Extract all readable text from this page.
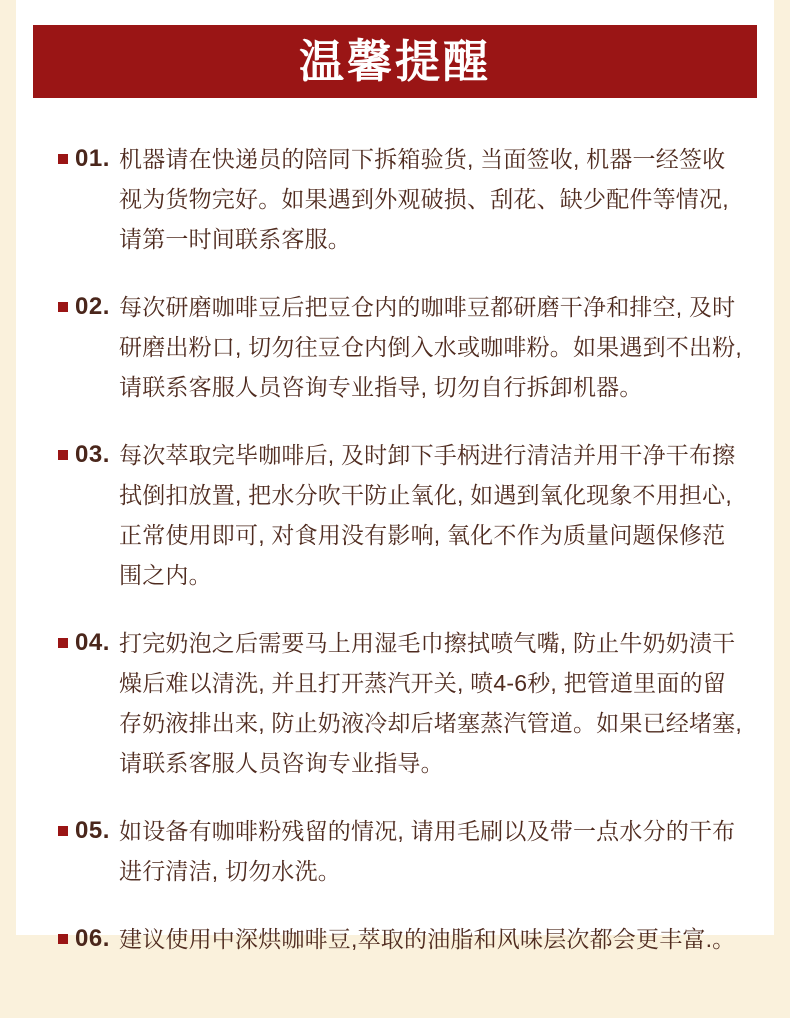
温馨提醒
01. 机器请在快递员的陪同下拆箱验货, 当面签收, 机器一经签收视为货物完好。如果遇到外观破损、刮花、缺少配件等情况, 请第一时间联系客服。

02. 每次研磨咖啡豆后把豆仓内的咖啡豆都研磨干净和排空, 及时研磨出粉口, 切勿往豆仓内倒入水或咖啡粉。如果遇到不出粉, 请联系客服人员咨询专业指导, 切勿自行拆卸机器。

03. 每次萃取完毕咖啡后, 及时卸下手柄进行清洁并用干净干布擦拭倒扣放置, 把水分吹干防止氧化, 如遇到氧化现象不用担心, 正常使用即可, 对食用没有影响, 氧化不作为质量问题保修范围之内。

04. 打完奶泡之后需要马上用湿毛巾擦拭喷气嘴, 防止牛奶奶渍干燥后难以清洗, 并且打开蒸汽开关, 喷4-6秒, 把管道里面的留存奶液排出来, 防止奶液冷却后堵塞蒸汽管道。如果已经堵塞, 请联系客服人员咨询专业指导。

05. 如设备有咖啡粉残留的情况, 请用毛刷以及带一点水分的干布进行清洁, 切勿水洗。

06. 建议使用中深烘咖啡豆,萃取的油脂和风味层次都会更丰富.。
